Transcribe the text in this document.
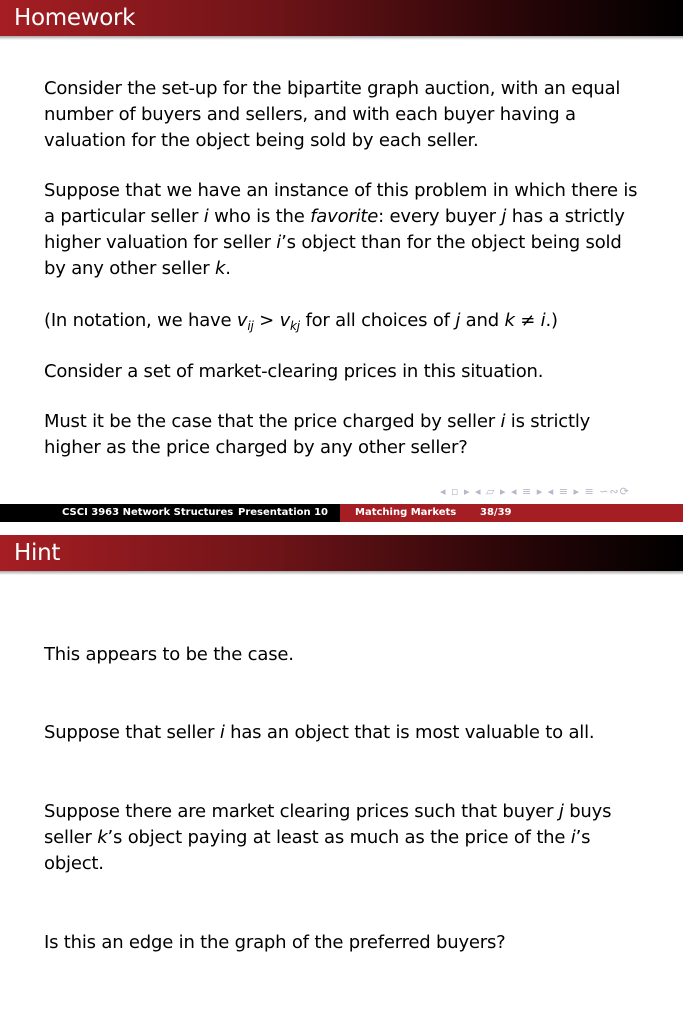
Homework
Consider the set-up for the bipartite graph auction, with an equal
number of buyers and sellers, and with each buyer having a
valuation for the object being sold by each seller.
Suppose that we have an instance of this problem in which there is
a particular seller i who is the favorite: every buyer j has a strictly
higher valuation for seller i’s object than for the object being sold
by any other seller k.
(In notation, we have $v_{ij} > v_{kj}$ for all choices of j and k ≠ i.)
Consider a set of market-clearing prices in this situation.
Must it be the case that the price charged by seller i is strictly
higher as the price charged by any other seller?
◂ ▫ ▸ ◂ ▱ ▸ ◂ ≡ ▸ ◂ ≡ ▸ ≡ ∽∾⟳
CSCI 3963 Network Structures Presentation 10	Matching Markets 38/39
Hint
This appears to be the case.
Suppose that seller i has an object that is most valuable to all.
Suppose there are market clearing prices such that buyer j buys
seller k’s object paying at least as much as the price of the i’s
object.
Is this an edge in the graph of the preferred buyers?
